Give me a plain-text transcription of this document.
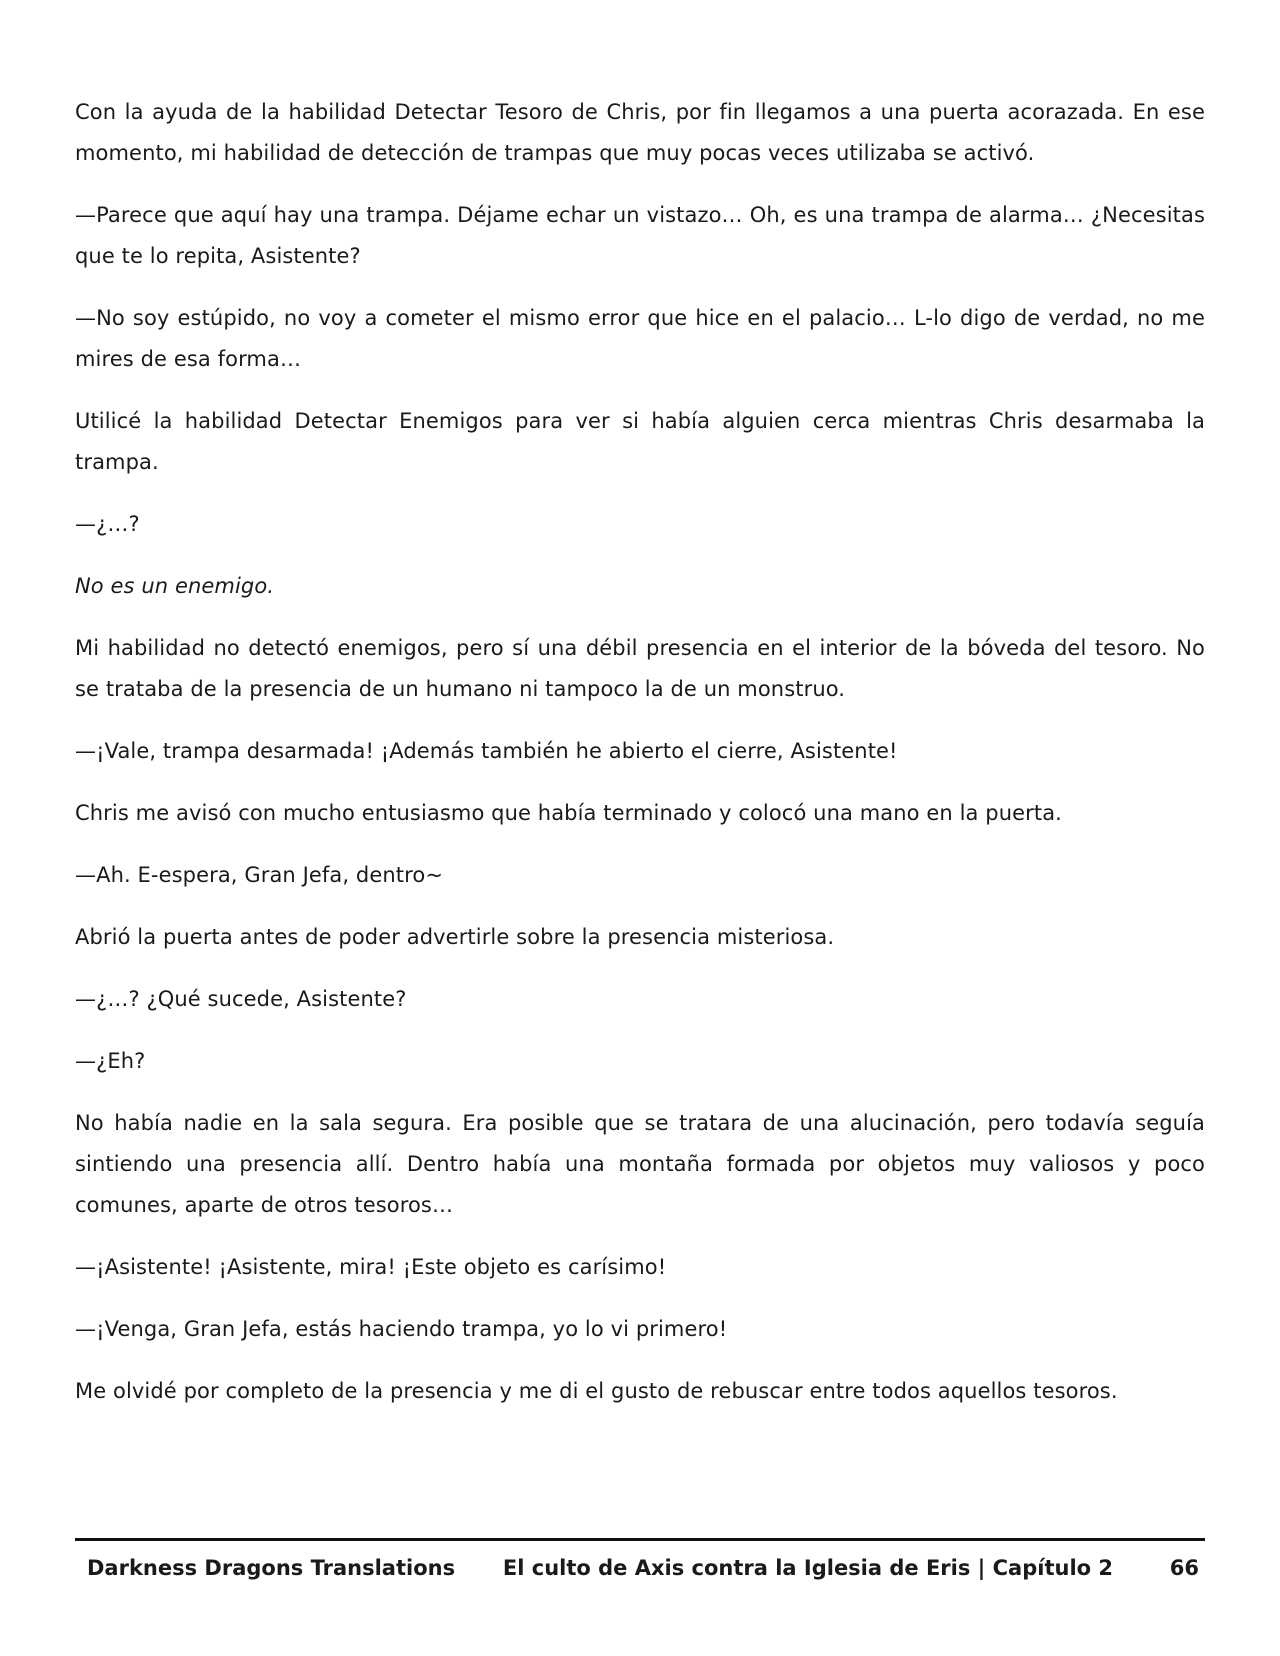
Con la ayuda de la habilidad Detectar Tesoro de Chris, por fin llegamos a una puerta acorazada. En ese momento, mi habilidad de detección de trampas que muy pocas veces utilizaba se activó.

—Parece que aquí hay una trampa. Déjame echar un vistazo… Oh, es una trampa de alarma… ¿Necesitas que te lo repita, Asistente?

—No soy estúpido, no voy a cometer el mismo error que hice en el palacio… L-lo digo de verdad, no me mires de esa forma…

Utilicé la habilidad Detectar Enemigos para ver si había alguien cerca mientras Chris desarmaba la trampa.

—¿…?

No es un enemigo.

Mi habilidad no detectó enemigos, pero sí una débil presencia en el interior de la bóveda del tesoro. No se trataba de la presencia de un humano ni tampoco la de un monstruo.

—¡Vale, trampa desarmada! ¡Además también he abierto el cierre, Asistente!

Chris me avisó con mucho entusiasmo que había terminado y colocó una mano en la puerta.

—Ah. E-espera, Gran Jefa, dentro~

Abrió la puerta antes de poder advertirle sobre la presencia misteriosa.

—¿…? ¿Qué sucede, Asistente?

—¿Eh?

No había nadie en la sala segura. Era posible que se tratara de una alucinación, pero todavía seguía sintiendo una presencia allí. Dentro había una montaña formada por objetos muy valiosos y poco comunes, aparte de otros tesoros…

—¡Asistente! ¡Asistente, mira! ¡Este objeto es carísimo!

—¡Venga, Gran Jefa, estás haciendo trampa, yo lo vi primero!

Me olvidé por completo de la presencia y me di el gusto de rebuscar entre todos aquellos tesoros.

Darkness Dragons Translations El culto de Axis contra la Iglesia de Eris | Capítulo 2	66
